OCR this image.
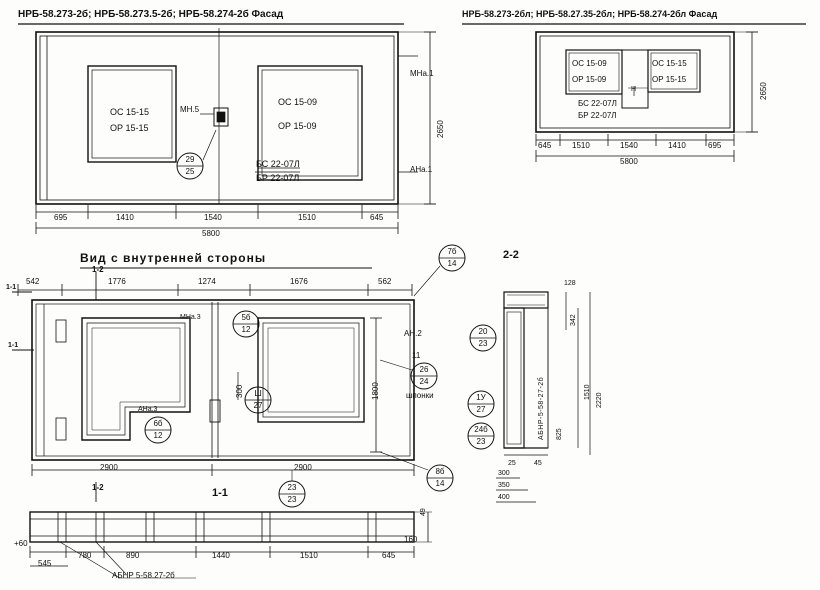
НРБ-58.273-2б; НРБ-58.273.5-2б; НРБ-58.274-2б Фасад	НРБ-58.273-2бл; НРБ-58.27.35-2бл; НРБ-58.274-2бл Фасад
Вид с внутренней стороны	2-2
1-1
ОС 15-15
ОР 15-15
ОС 15-09
ОР 15-09
БС 22-07Л
БР 22-07Л
МН.5
МНа.1
АНа.1
29
25
695	1410	1540	1510	645
5800
2650
ОС 15-09
ОР 15-09
ОС 15-15
ОР 15-15
БС 22-07Л
БР 22-07Л
Н
645	1510	1540	1410	695
5800
2650
542	1776	1274	1676	562
2900	2900
1800
300
МНа.3
АНа.3
АН.2
1-2
1-2
1-1
1-1
шпонки
11
7б
14
5б
12
6б
12
Ш
27
20
23
1У
27
24б
23
26
24
8б
14
23
23
128
342
1510
2220
825
25	45
АБНР-5-58-27-2б
300
350
400
545
780	890	1440	1510	645
160
49
+60
АБНР 5-58.27-2б
